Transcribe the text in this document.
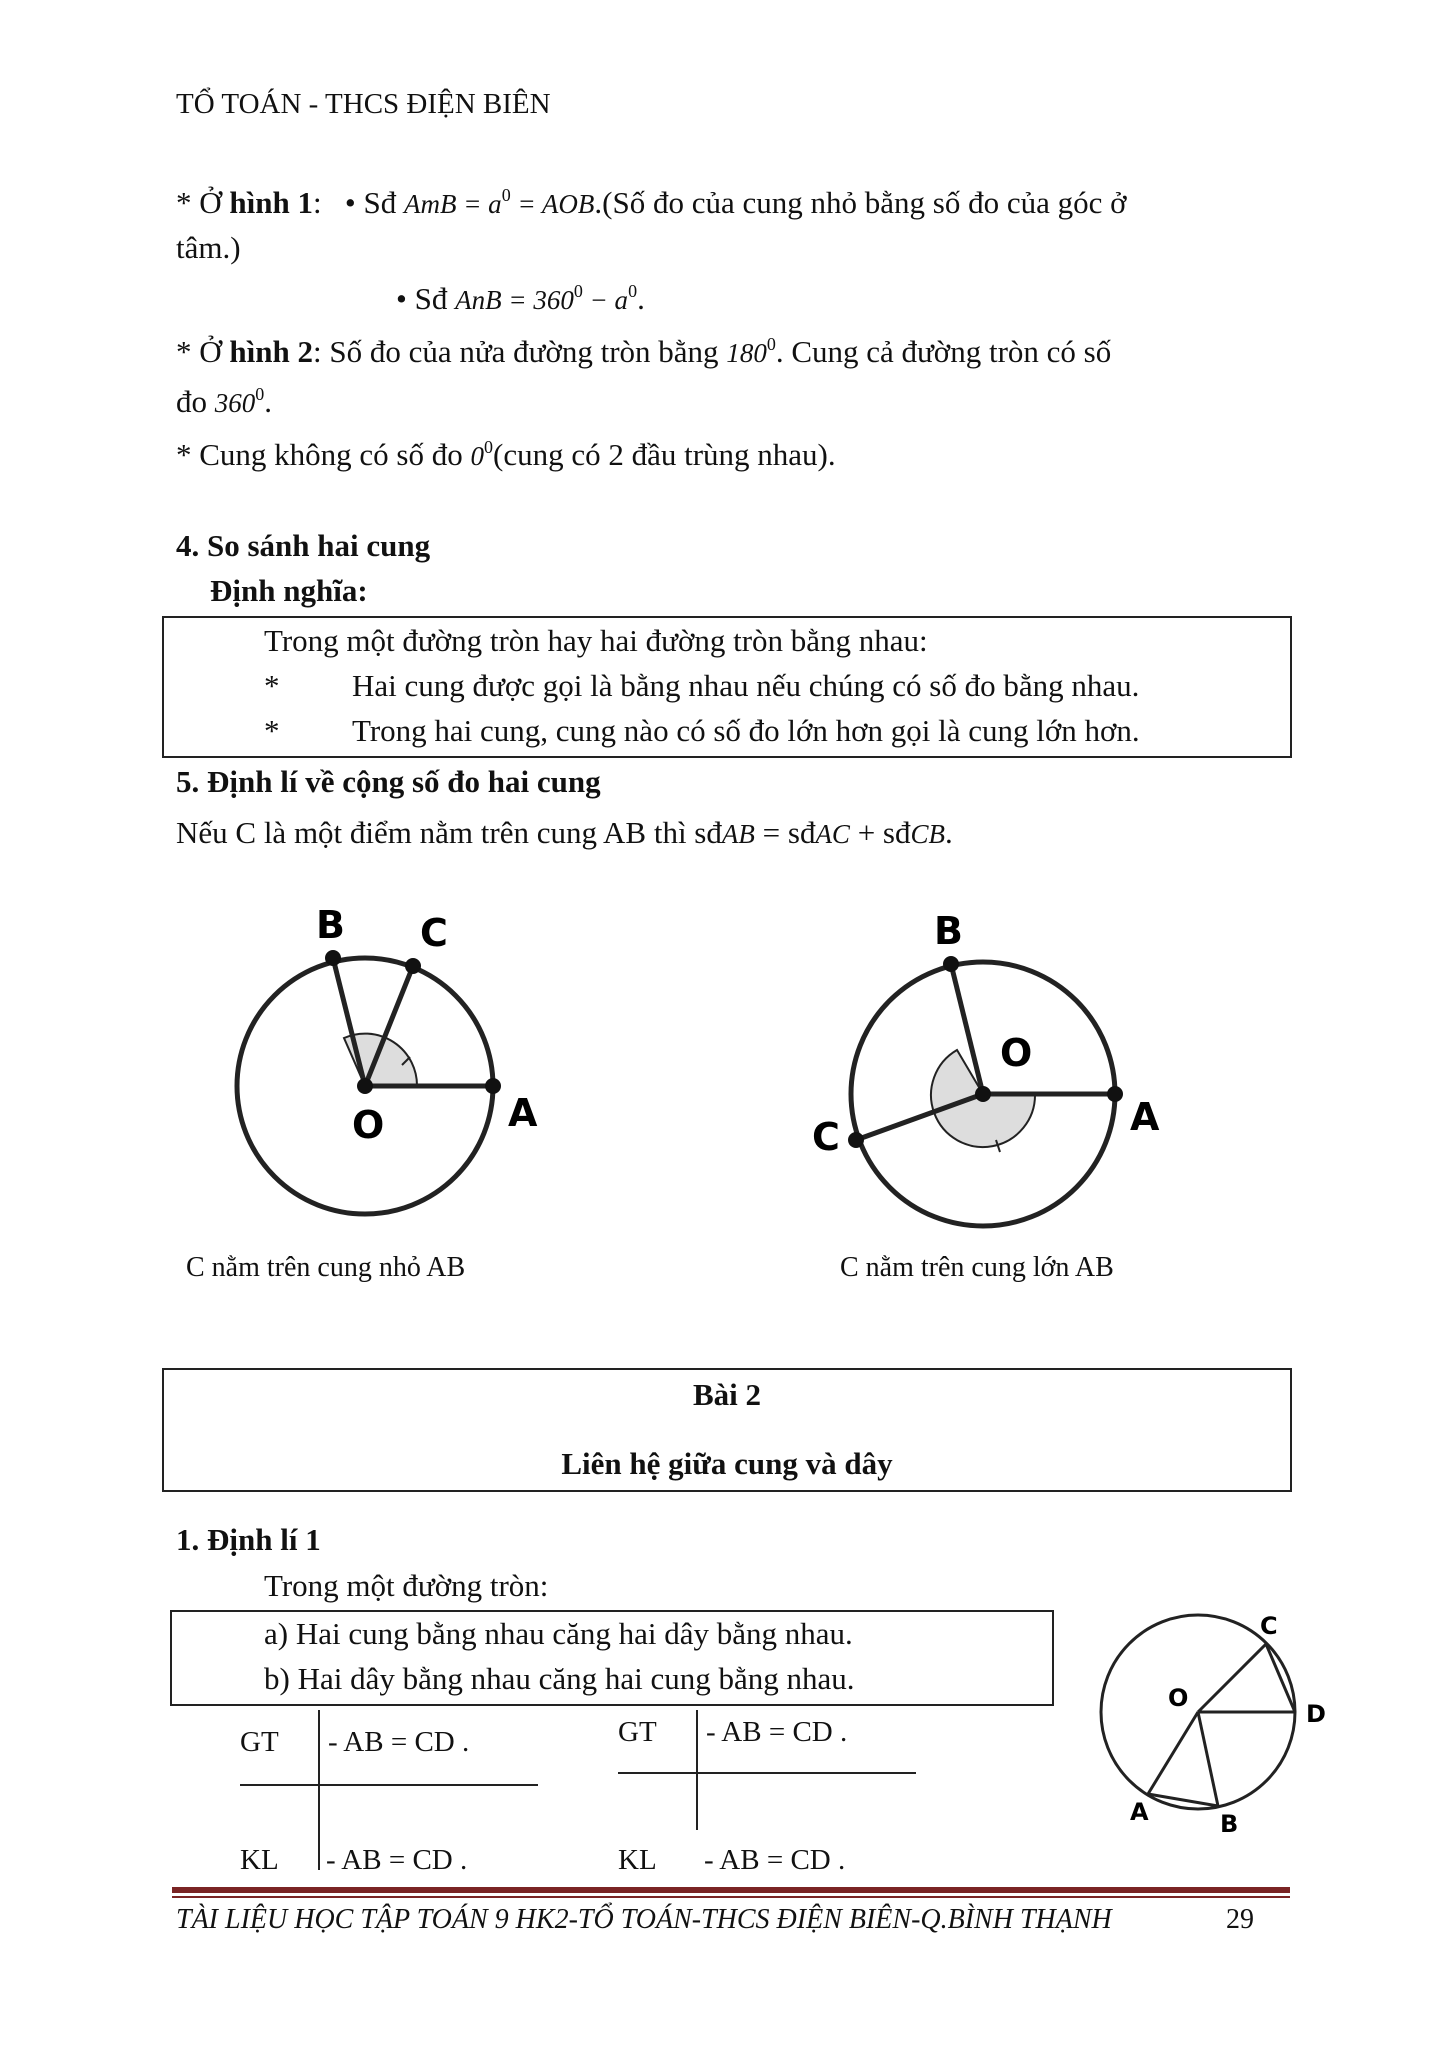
TỔ TOÁN - THCS ĐIỆN BIÊN
* Ở hình 1: • Sđ AmB = $a^0$ = AOB.(Số đo của cung nhỏ bằng số đo của góc ở
tâm.)
• Sđ AnB = $360^0 - a^0$.
* Ở hình 2: Số đo của nửa đường tròn bằng $180^0$. Cung cả đường tròn có số
đo $360^0$.
* Cung không có số đo $0^0(cung$ có 2 đầu trùng nhau).
4. So sánh hai cung
Định nghĩa:
Trong một đường tròn hay hai đường tròn bằng nhau:
* Hai cung được gọi là bằng nhau nếu chúng có số đo bằng nhau.
* Trong hai cung, cung nào có số đo lớn hơn gọi là cung lớn hơn.
5. Định lí về cộng số đo hai cung
Nếu C là một điểm nằm trên cung AB thì sđAB = sđAC + sđCB.
B C
O	A
C nằm trên cung nhỏ AB
B
O
C	A
C nằm trên cung lớn AB
Bài 2
Liên hệ giữa cung và dây
1. Định lí 1
Trong một đường tròn:
a) Hai cung bằng nhau căng hai dây bằng nhau.
b) Hai dây bằng nhau căng hai cung bằng nhau.
GT - AB = CD .
KL - AB = CD .
GT - AB = CD .
KL - AB = CD .
O
C
D
A	B
TÀI LIỆU HỌC TẬP TOÁN 9 HK2-TỔ TOÁN-THCS ĐIỆN BIÊN-Q.BÌNH THẠNH	29
